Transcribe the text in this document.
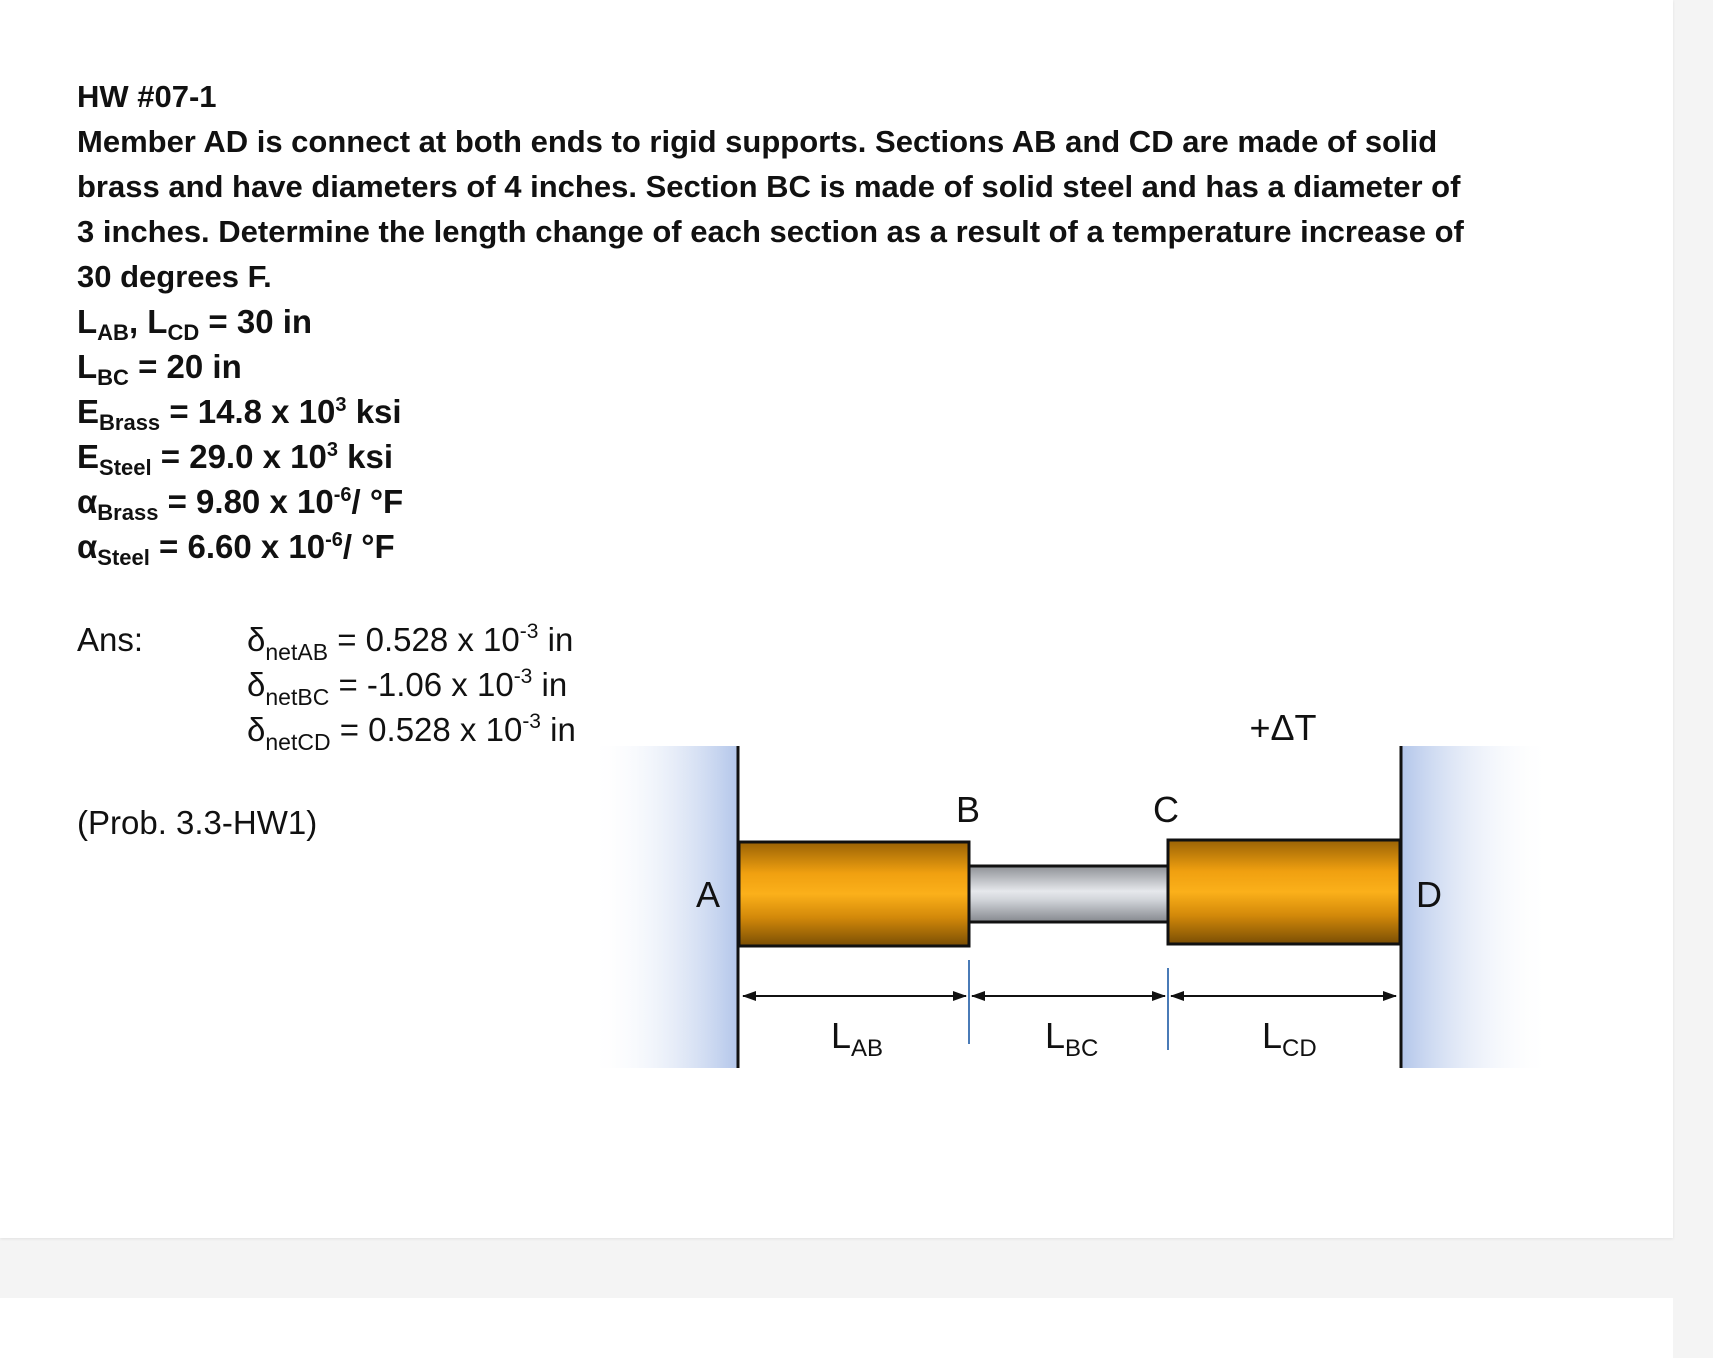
HW #07-1
Member AD is connect at both ends to rigid supports. Sections AB and CD are made of solid brass and have diameters of 4 inches. Section BC is made of solid steel and has a diameter of 3 inches. Determine the length change of each section as a result of a temperature increase of 30 degrees F.
$L_{AB}$, $L_{CD} = 30$ in
$L_{BC} = 20$ in
$E_{Brass} = 14.8$ x $10^3$ ksi
$E_{Steel} = 29.0$ x $10^3$ ksi
$\alpha_{Brass} = 9.80$ x $10^{-6}/$ °F
$\alpha_{Steel} = 6.60$ x $10^{-6}/$ °F
Ans:	$\delta_{netAB} = 0.528$ x $10^{-3}$ in
$\delta_{netBC} = -1.06$ x $10^{-3}$ in
$\delta_{netCD} = 0.528$ x $10^{-3}$ in
(Prob. 3.3-HW1)
+ΔT
A
B	C
D
$L_{AB}$	$L_{BC}$	$L_{CD}$
